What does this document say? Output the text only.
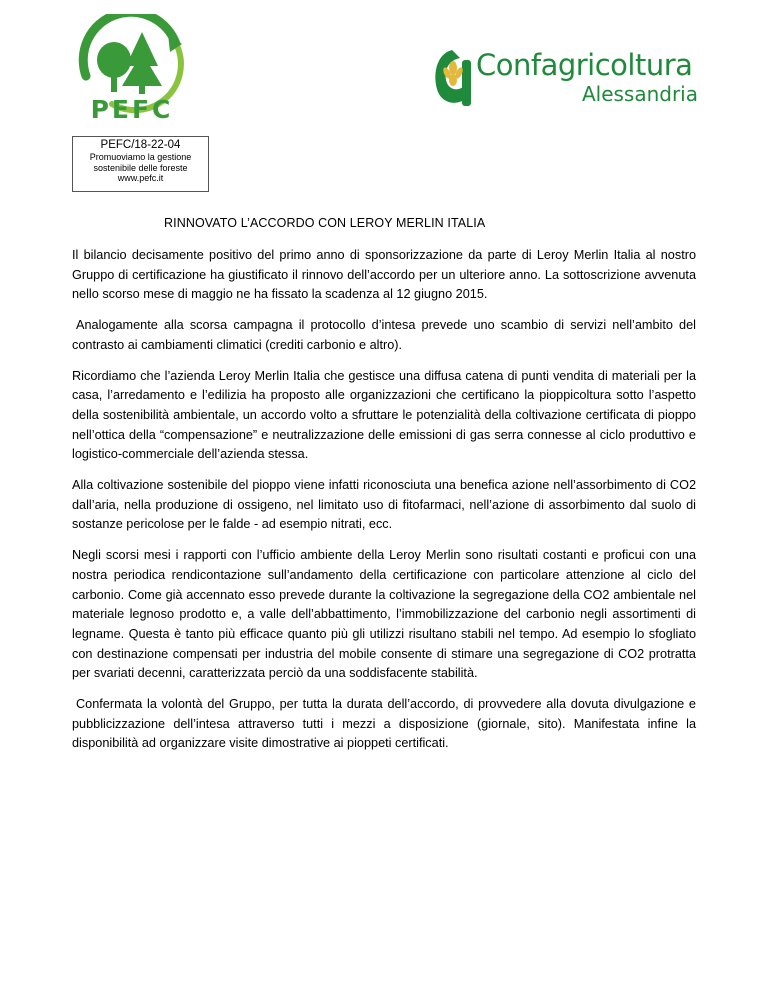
PEFC
PEFC/18-22-04
Promuoviamo la gestione
sostenibile delle foreste
www.pefc.it
Confagricoltura
Alessandria
RINNOVATO L’ACCORDO CON LEROY MERLIN ITALIA

Il bilancio decisamente positivo del primo anno di sponsorizzazione da parte di Leroy Merlin Italia al nostro Gruppo di certificazione ha giustificato il rinnovo dell’accordo per un ulteriore anno. La sottoscrizione avvenuta nello scorso mese di maggio ne ha fissato la scadenza al 12 giugno 2015.

Analogamente alla scorsa campagna il protocollo d’intesa prevede uno scambio di servizi nell’ambito del contrasto ai cambiamenti climatici (crediti carbonio e altro).

Ricordiamo che l’azienda Leroy Merlin Italia che gestisce una diffusa catena di punti vendita di materiali per la casa, l’arredamento e l’edilizia ha proposto alle organizzazioni che certificano la pioppicoltura sotto l’aspetto della sostenibilità ambientale, un accordo volto a sfruttare le potenzialità della coltivazione certificata di pioppo nell’ottica della “compensazione” e neutralizzazione delle emissioni di gas serra connesse al ciclo produttivo e logistico-commerciale dell’azienda stessa.

Alla coltivazione sostenibile del pioppo viene infatti riconosciuta una benefica azione nell’assorbimento di CO2 dall’aria, nella produzione di ossigeno, nel limitato uso di fitofarmaci, nell’azione di assorbimento dal suolo di sostanze pericolose per le falde - ad esempio nitrati, ecc.

Negli scorsi mesi i rapporti con l’ufficio ambiente della Leroy Merlin sono risultati costanti e proficui con una nostra periodica rendicontazione sull’andamento della certificazione con particolare attenzione al ciclo del carbonio. Come già accennato esso prevede durante la coltivazione la segregazione della CO2 ambientale nel materiale legnoso prodotto e, a valle dell’abbattimento, l’immobilizzazione del carbonio negli assortimenti di legname. Questa è tanto più efficace quanto più gli utilizzi risultano stabili nel tempo. Ad esempio lo sfogliato con destinazione compensati per industria del mobile consente di stimare una segregazione di CO2 protratta per svariati decenni, caratterizzata perciò da una soddisfacente stabilità.

Confermata la volontà del Gruppo, per tutta la durata dell’accordo, di provvedere alla dovuta divulgazione e pubblicizzazione dell’intesa attraverso tutti i mezzi a disposizione (giornale, sito). Manifestata infine la disponibilità ad organizzare visite dimostrative ai pioppeti certificati.
